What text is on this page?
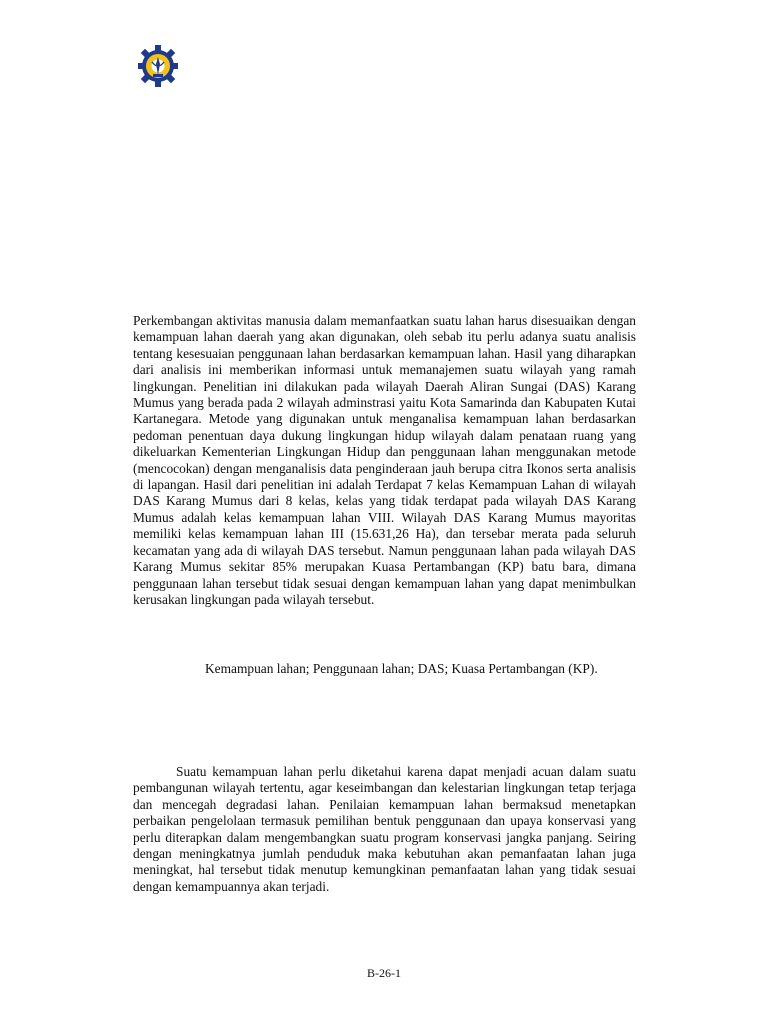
Perkembangan aktivitas manusia dalam memanfaatkan suatu lahan harus disesuaikan dengan kemampuan lahan daerah yang akan digunakan, oleh sebab itu perlu adanya suatu analisis tentang kesesuaian penggunaan lahan berdasarkan kemampuan lahan. Hasil yang diharapkan dari analisis ini memberikan informasi untuk memanajemen suatu wilayah yang ramah lingkungan. Penelitian ini dilakukan pada wilayah Daerah Aliran Sungai (DAS) Karang Mumus yang berada pada 2 wilayah adminstrasi yaitu Kota Samarinda dan Kabupaten Kutai Kartanegara. Metode yang digunakan untuk menganalisa kemampuan lahan berdasarkan pedoman penentuan daya dukung lingkungan hidup wilayah dalam penataan ruang yang dikeluarkan Kementerian Lingkungan Hidup dan penggunaan lahan menggunakan metode (mencocokan) dengan menganalisis data penginderaan jauh berupa citra Ikonos serta analisis di lapangan. Hasil dari penelitian ini adalah Terdapat 7 kelas Kemampuan Lahan di wilayah DAS Karang Mumus dari 8 kelas, kelas yang tidak terdapat pada wilayah DAS Karang Mumus adalah kelas kemampuan lahan VIII. Wilayah DAS Karang Mumus mayoritas memiliki kelas kemampuan lahan III (15.631,26 Ha), dan tersebar merata pada seluruh kecamatan yang ada di wilayah DAS tersebut. Namun penggunaan lahan pada wilayah DAS Karang Mumus sekitar 85% merupakan Kuasa Pertambangan (KP) batu bara, dimana penggunaan lahan tersebut tidak sesuai dengan kemampuan lahan yang dapat menimbulkan kerusakan lingkungan pada wilayah tersebut.

Kemampuan lahan; Penggunaan lahan; DAS; Kuasa Pertambangan (KP).

Suatu kemampuan lahan perlu diketahui karena dapat menjadi acuan dalam suatu pembangunan wilayah tertentu, agar keseimbangan dan kelestarian lingkungan tetap terjaga dan mencegah degradasi lahan. Penilaian kemampuan lahan bermaksud menetapkan perbaikan pengelolaan termasuk pemilihan bentuk penggunaan dan upaya konservasi yang perlu diterapkan dalam mengembangkan suatu program konservasi jangka panjang. Seiring dengan meningkatnya jumlah penduduk maka kebutuhan akan pemanfaatan lahan juga meningkat, hal tersebut tidak menutup kemungkinan pemanfaatan lahan yang tidak sesuai dengan kemampuannya akan terjadi.

B-26-1
